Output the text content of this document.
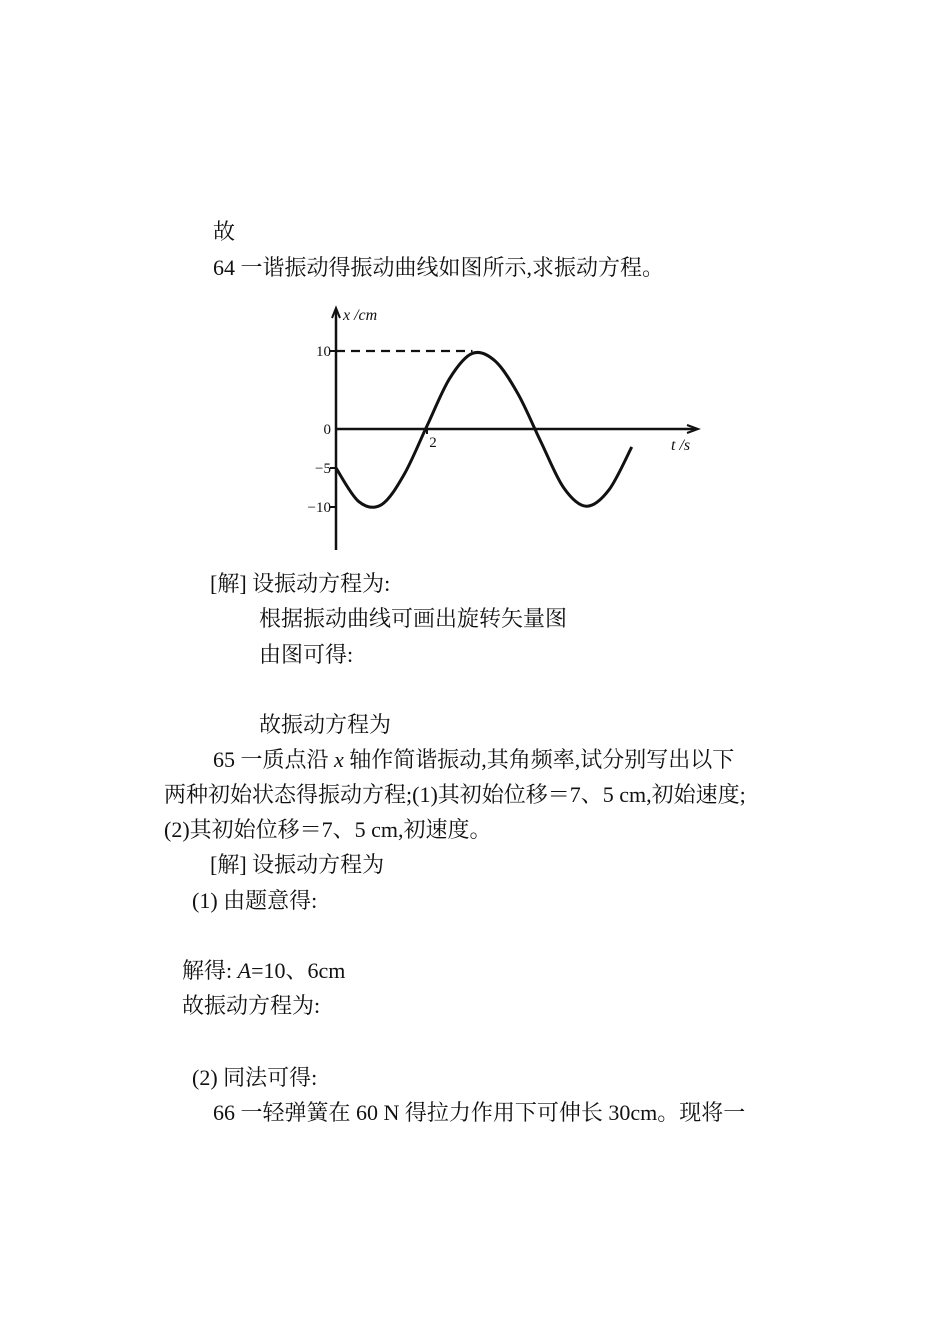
故
64 一谐振动得振动曲线如图所示,求振动方程。
x /cm
t /s
10
0
−5
−10
2
[解] 设振动方程为:
根据振动曲线可画出旋转矢量图
由图可得:
故振动方程为
65 一质点沿 x 轴作简谐振动,其角频率,试分别写出以下
两种初始状态得振动方程;(1)其初始位移＝7、5 cm,初始速度;
(2)其初始位移＝7、5 cm,初速度。
[解] 设振动方程为
(1) 由题意得:
解得: A=10、6cm
故振动方程为:
(2) 同法可得:
66 一轻弹簧在 60 N 得拉力作用下可伸长 30cm。现将一
